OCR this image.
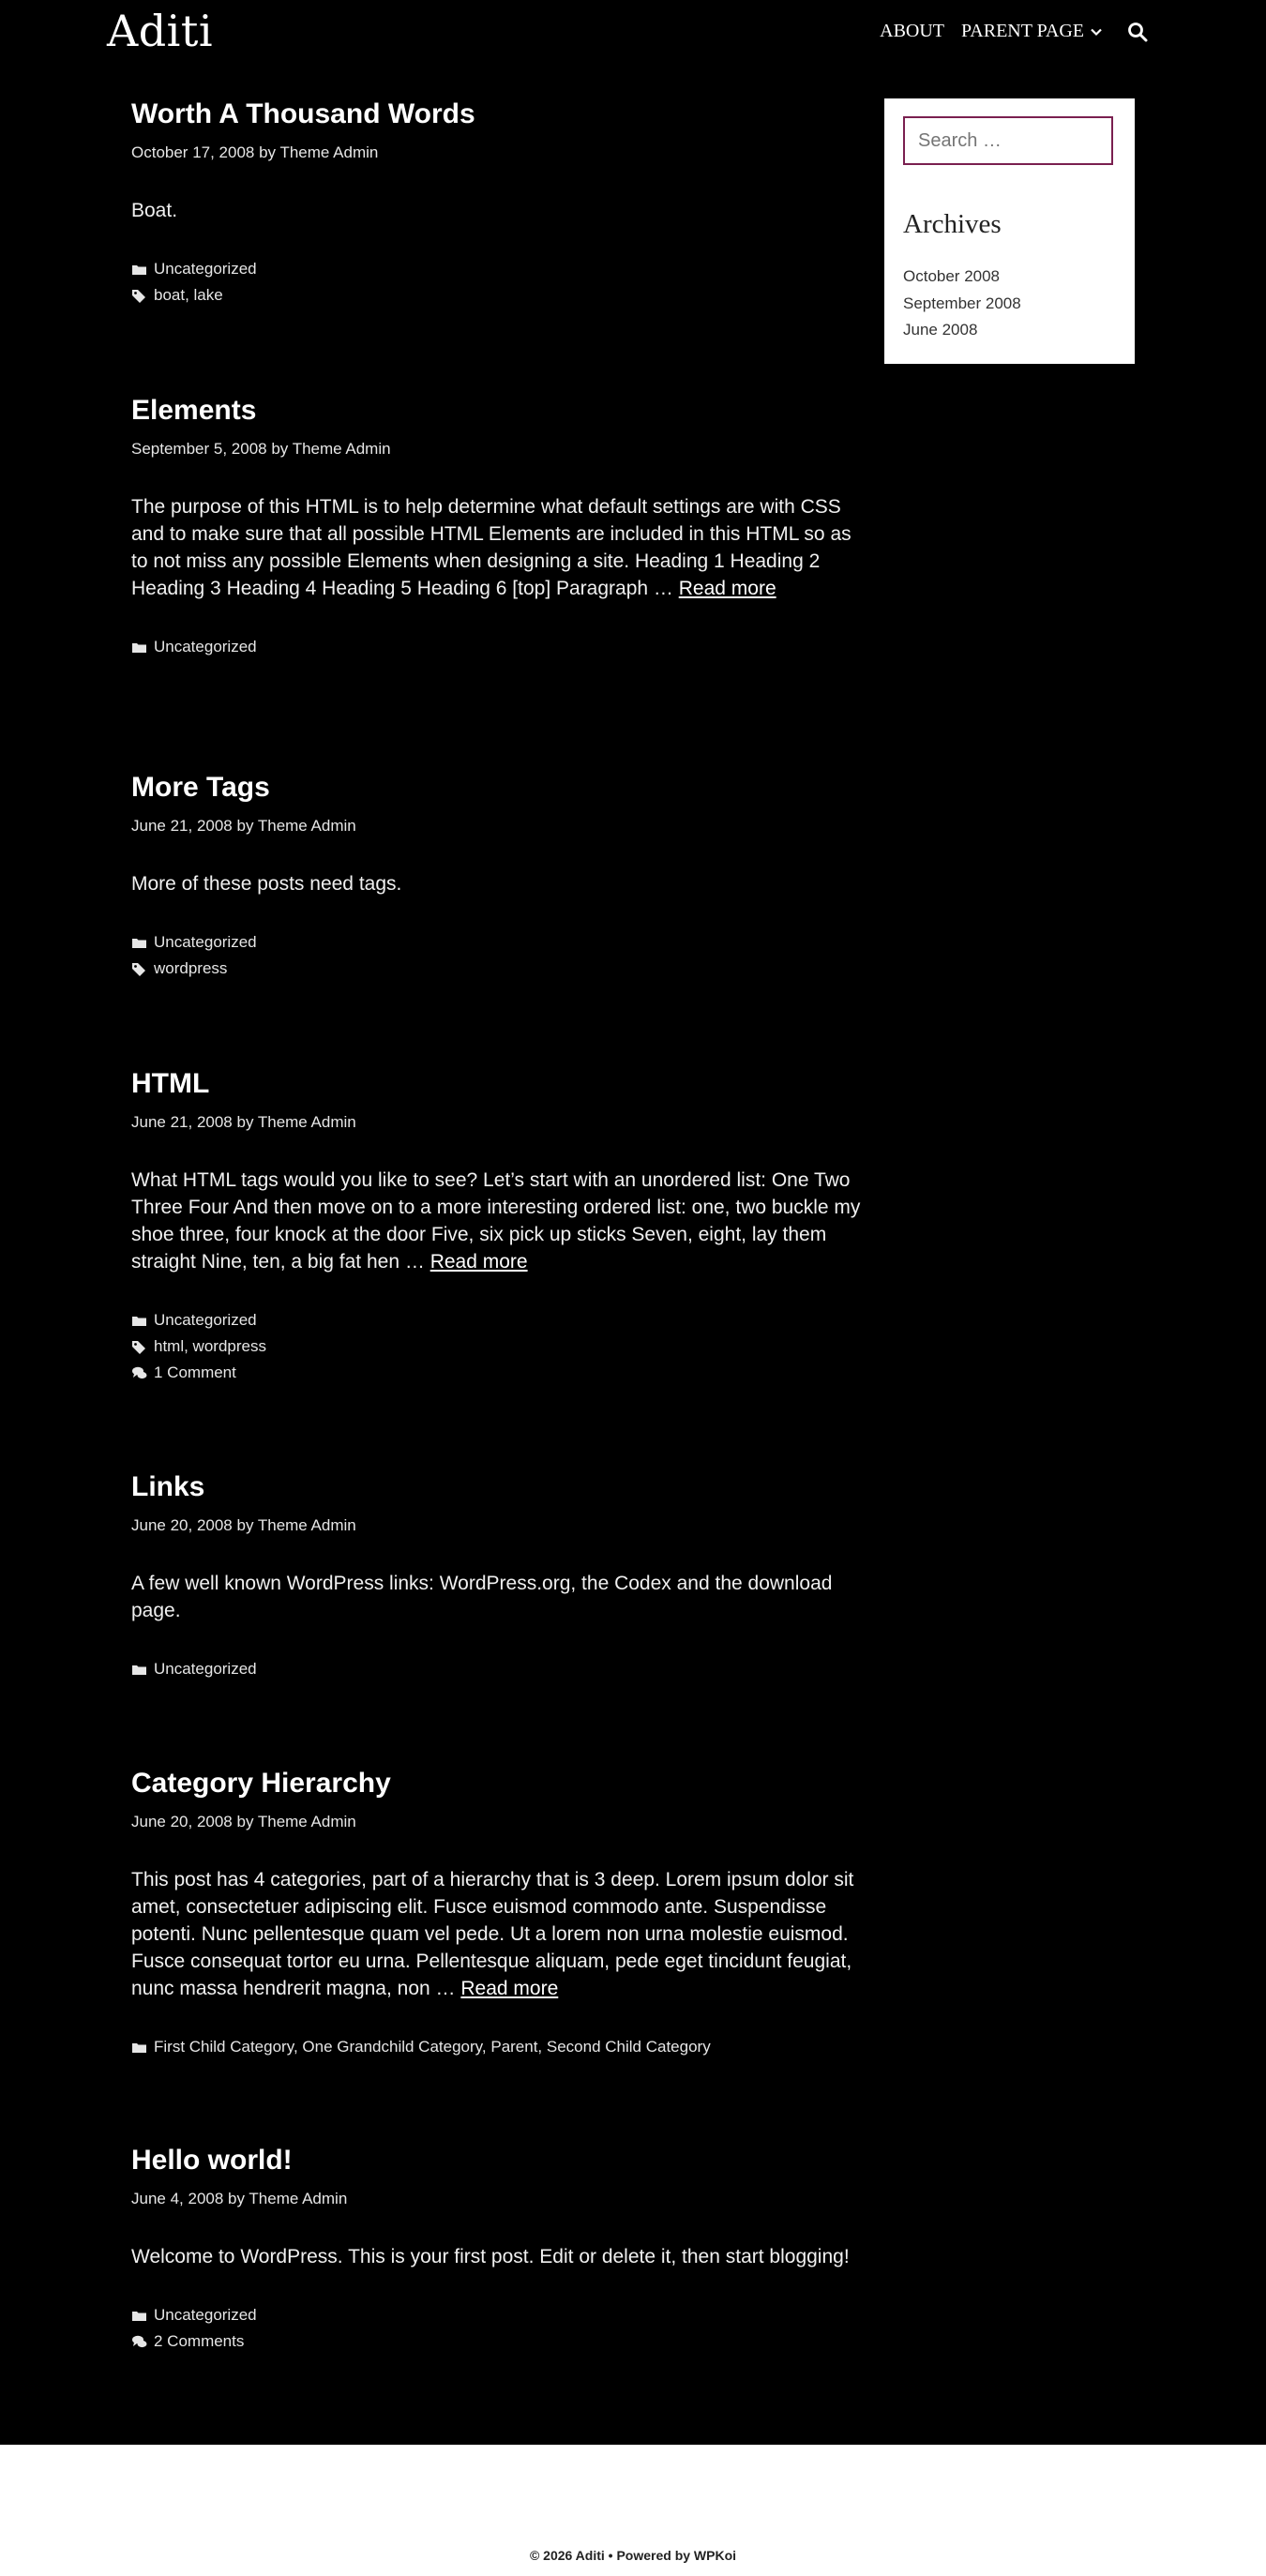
Aditi	ABOUT PARENT PAGE
Worth A Thousand Words
October 17, 2008 by Theme Admin
Boat.
Uncategorized
boat, lake
Elements
September 5, 2008 by Theme Admin
The purpose of this HTML is to help determine what default settings are with CSS and to make sure that all possible HTML Elements are included in this HTML so as to not miss any possible Elements when designing a site. Heading 1 Heading 2 Heading 3 Heading 4 Heading 5 Heading 6 [top] Paragraph … Read more
Uncategorized
More Tags
June 21, 2008 by Theme Admin
More of these posts need tags.
Uncategorized
wordpress
HTML
June 21, 2008 by Theme Admin
What HTML tags would you like to see? Let’s start with an unordered list: One Two Three Four And then move on to a more interesting ordered list: one, two buckle my shoe three, four knock at the door Five, six pick up sticks Seven, eight, lay them straight Nine, ten, a big fat hen … Read more
Uncategorized
html, wordpress
1 Comment
Links
June 20, 2008 by Theme Admin
A few well known WordPress links: WordPress.org, the Codex and the download page.
Uncategorized
Category Hierarchy
June 20, 2008 by Theme Admin
This post has 4 categories, part of a hierarchy that is 3 deep. Lorem ipsum dolor sit amet, consectetuer adipiscing elit. Fusce euismod commodo ante. Suspendisse potenti. Nunc pellentesque quam vel pede. Ut a lorem non urna molestie euismod. Fusce consequat tortor eu urna. Pellentesque aliquam, pede eget tincidunt feugiat, nunc massa hendrerit magna, non … Read more
First Child Category, One Grandchild Category, Parent, Second Child Category
Hello world!
June 4, 2008 by Theme Admin
Welcome to WordPress. This is your first post. Edit or delete it, then start blogging!
Uncategorized
2 Comments
Search …
Archives
October 2008
September 2008
June 2008
© 2026 Aditi • Powered by WPKoi
